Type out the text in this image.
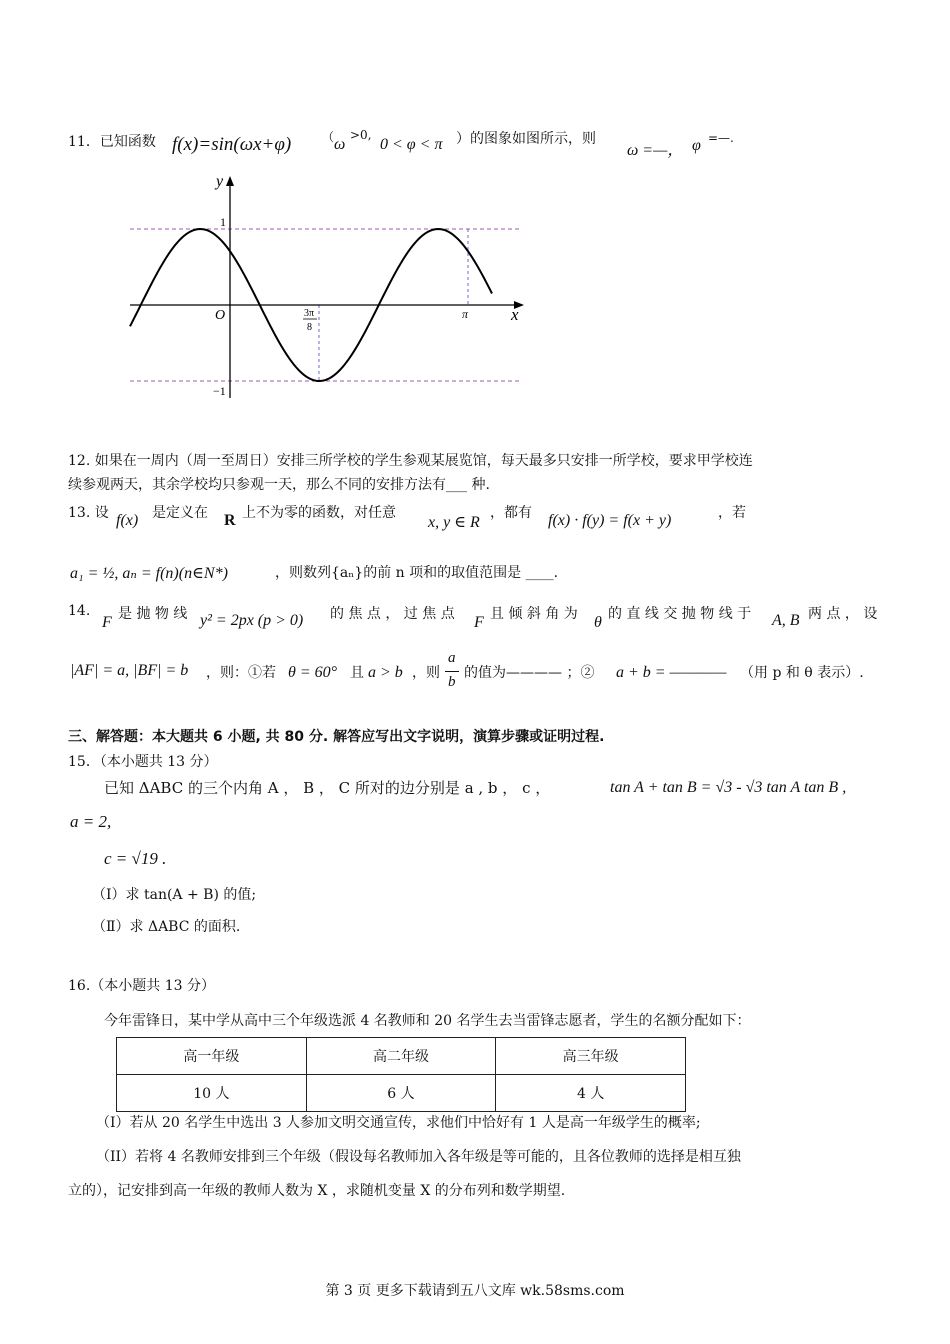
11．已知函数 f(x)=sin(ωx+φ)	（ ω
>0,
0 < φ < π ）的图象如图所示，则
ω =—， φ =—.
y
x
O
1
−1
3π
8
π
12. 如果在一周内（周一至周日）安排三所学校的学生参观某展览馆，每天最多只安排一所学校，要求甲学校连
续参观两天，其余学校均只参观一天，那么不同的安排方法有___ 种.
13. 设 f(x) 是定义在 R 上不为零的函数，对任意
x, y ∈ R
，都有 f(x) · f(y) = f(x + y)	，若
a₁ = ½, aₙ = f(n)(n∈N*)	，则数列{aₙ}的前 n 项和的取值范围是 ____.
14.
F 是 抛 物 线 y² = 2px (p > 0) 的 焦 点 ， 过 焦 点 F 且 倾 斜 角 为 θ 的 直 线 交 抛 物 线 于 A, B 两 点 ， 设
|AF| = a, |BF| = b ，则：①若 θ = 60° 且 a > b ，则
a
b
的值为———— ；② a + b = ———— （用 p 和 θ 表示）.
三、解答题：本大题共 6 小题, 共 80 分. 解答应写出文字说明，演算步骤或证明过程.
15．（本小题共 13 分）
已知 ΔABC 的三个内角 A ， B ， C 所对的边分别是 a , b ， c ，	tan A + tan B = √3 - √3 tan A tan B ,
a = 2,
c = √19 .
（Ⅰ）求 tan(A + B) 的值;
（Ⅱ）求 ΔABC 的面积.
16.（本小题共 13 分）
今年雷锋日，某中学从高中三个年级选派 4 名教师和 20 名学生去当雷锋志愿者，学生的名额分配如下：
高一年级	高二年级	高三年级
10 人	6 人	4 人
（I）若从 20 名学生中选出 3 人参加文明交通宣传，求他们中恰好有 1 人是高一年级学生的概率;
（II）若将 4 名教师安排到三个年级（假设每名教师加入各年级是等可能的，且各位教师的选择是相互独
立的），记安排到高一年级的教师人数为 X ，求随机变量 X 的分布列和数学期望.
第 3 页 更多下载请到五八文库 wk.58sms.com
